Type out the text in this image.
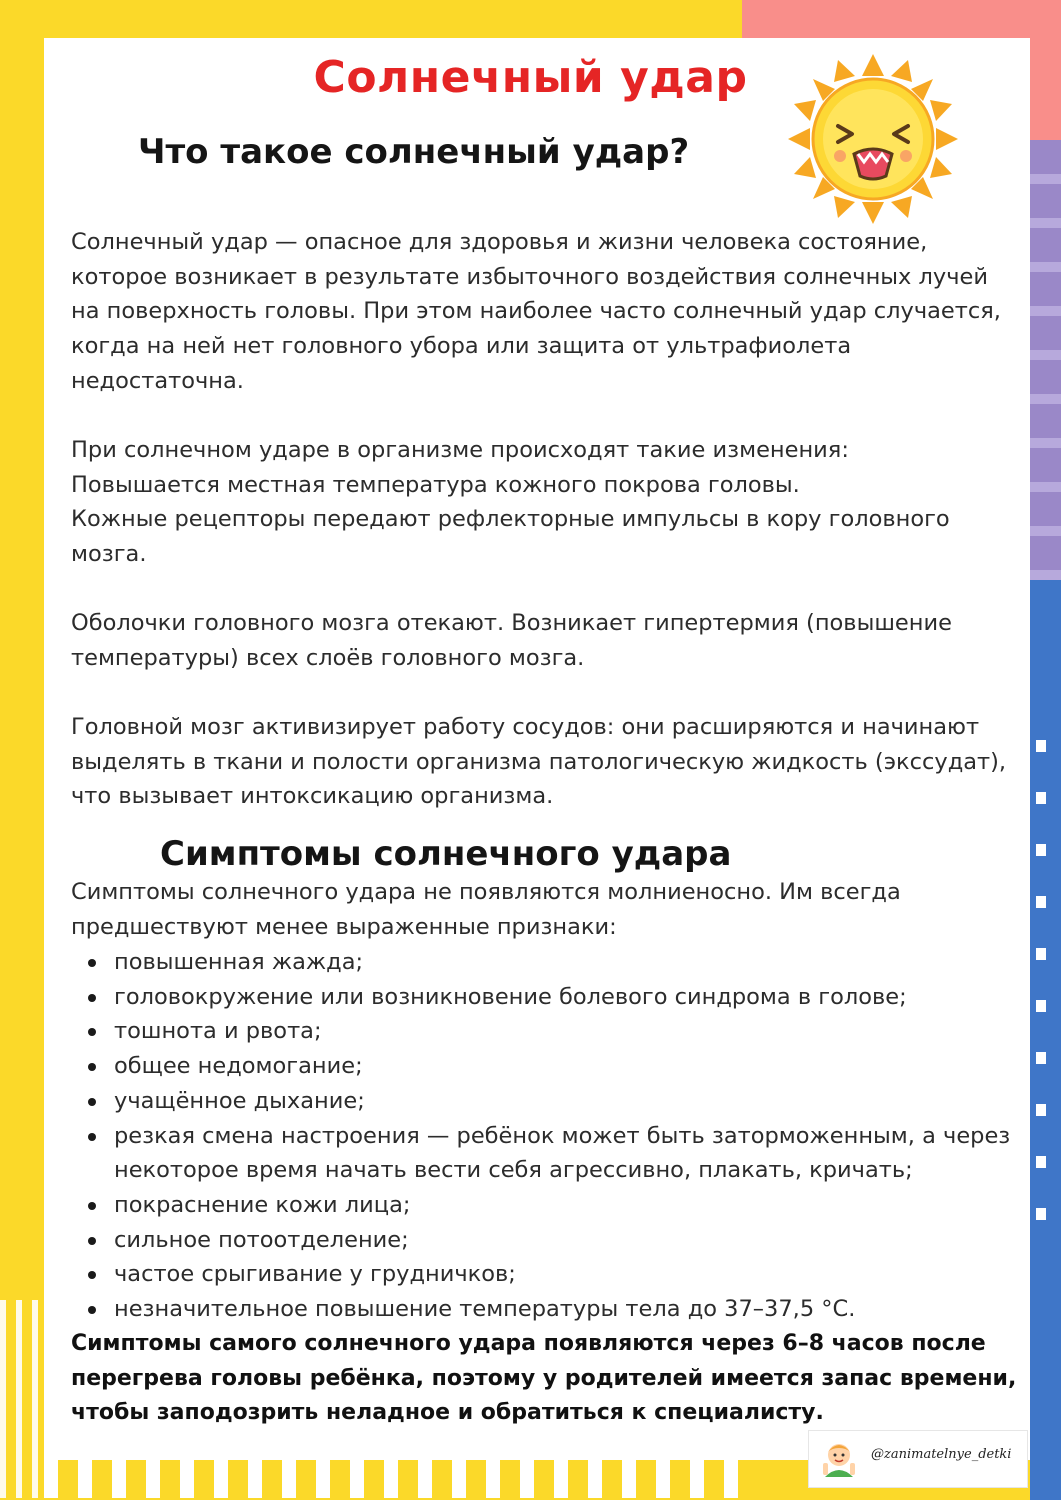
Солнечный удар
Что такое солнечный удар?

Солнечный удар — опасное для здоровья и жизни человека состояние, которое возникает в результате избыточного воздействия солнечных лучей на поверхность головы. При этом наиболее часто солнечный удар случается, когда на ней нет головного убора или защита от ультрафиолета недостаточна.

При солнечном ударе в организме происходят такие изменения:
Повышается местная температура кожного покрова головы.
Кожные рецепторы передают рефлекторные импульсы в кору головного мозга.

Оболочки головного мозга отекают. Возникает гипертермия (повышение температуры) всех слоёв головного мозга.

Головной мозг активизирует работу сосудов: они расширяются и начинают выделять в ткани и полости организма патологическую жидкость (экссудат), что вызывает интоксикацию организма.

Симптомы солнечного удара

Симптомы солнечного удара не появляются молниеносно. Им всегда предшествуют менее выраженные признаки:

повышенная жажда;
головокружение или возникновение болевого синдрома в голове;
тошнота и рвота;
общее недомогание;
учащённое дыхание;
резкая смена настроения — ребёнок может быть заторможенным, а через некоторое время начать вести себя агрессивно, плакать, кричать;
покраснение кожи лица;
сильное потоотделение;
частое срыгивание у грудничков;
незначительное повышение температуры тела до 37–37,5 °С.

Симптомы самого солнечного удара появляются через 6–8 часов после перегрева головы ребёнка, поэтому у родителей имеется запас времени, чтобы заподозрить неладное и обратиться к специалисту.

@zanimatelnye_detki
